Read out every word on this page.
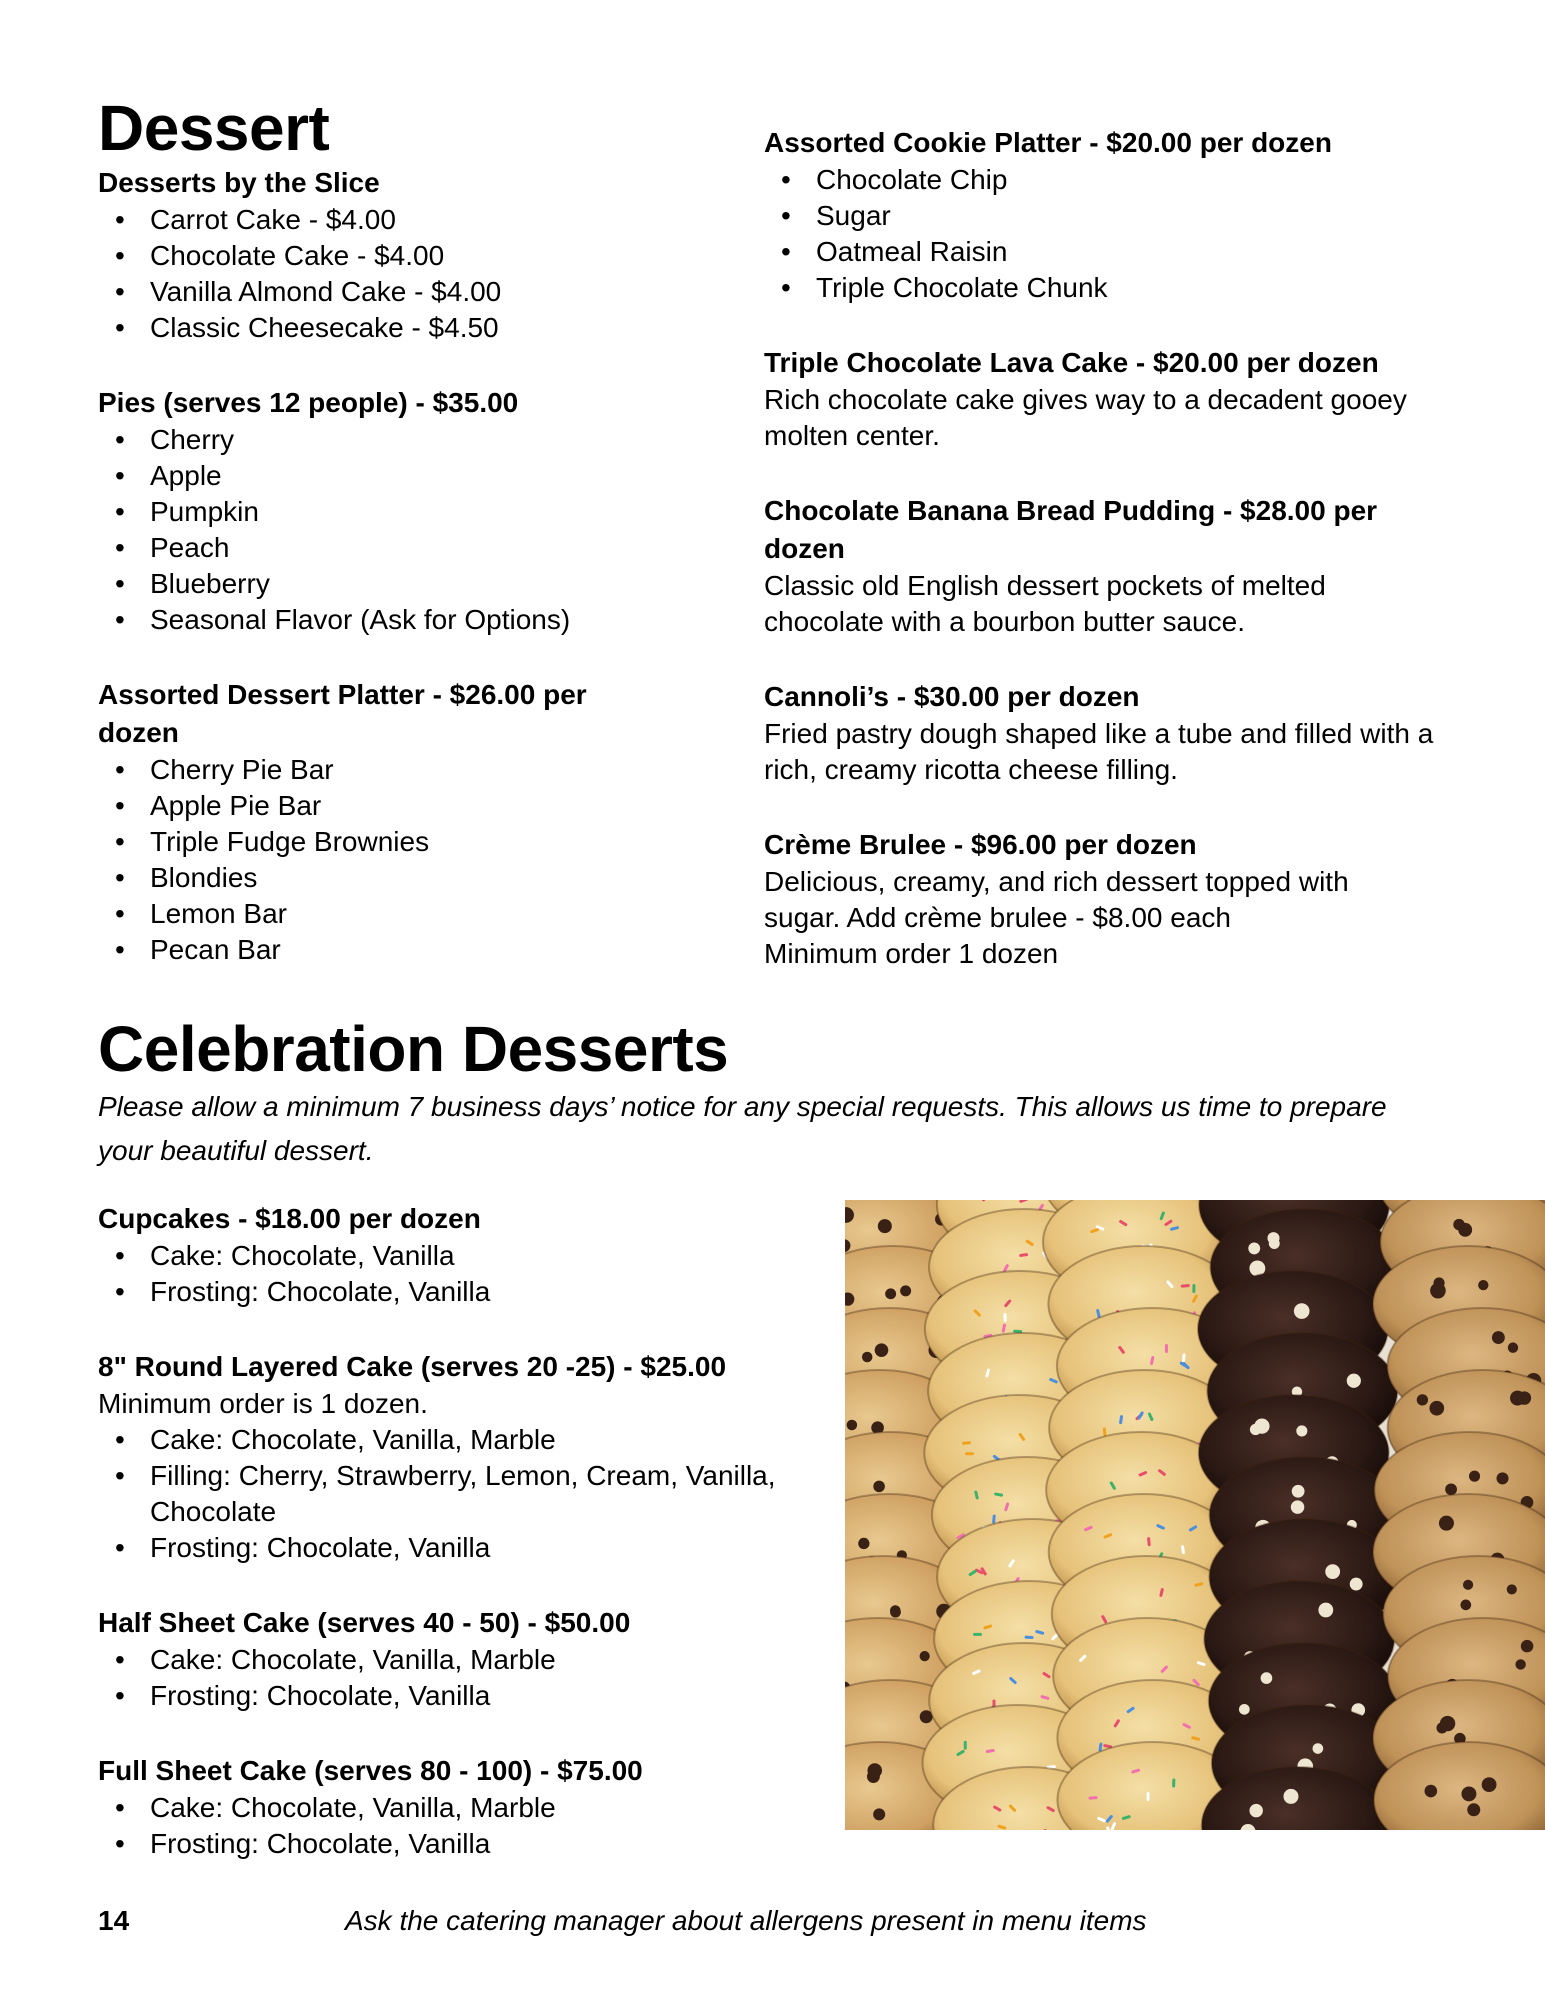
Dessert

Desserts by the Slice

• Carrot Cake - $4.00
• Chocolate Cake - $4.00
• Vanilla Almond Cake - $4.00
• Classic Cheesecake - $4.50

Pies (serves 12 people) - $35.00

• Cherry
• Apple
• Pumpkin
• Peach
• Blueberry
• Seasonal Flavor (Ask for Options)

Assorted Dessert Platter - $26.00 per dozen

• Cherry Pie Bar
• Apple Pie Bar
• Triple Fudge Brownies
• Blondies
• Lemon Bar
• Pecan Bar

Assorted Cookie Platter - $20.00 per dozen

• Chocolate Chip
• Sugar
• Oatmeal Raisin
• Triple Chocolate Chunk

Triple Chocolate Lava Cake - $20.00 per dozen

Rich chocolate cake gives way to a decadent gooey molten center.

Chocolate Banana Bread Pudding - $28.00 per dozen

Classic old English dessert pockets of melted chocolate with a bourbon butter sauce.

Cannoli’s - $30.00 per dozen

Fried pastry dough shaped like a tube and filled with a rich, creamy ricotta cheese filling.

Crème Brulee - $96.00 per dozen

Delicious, creamy, and rich dessert topped with sugar. Add crème brulee - $8.00 each

Minimum order 1 dozen

Celebration Desserts

Please allow a minimum 7 business days’ notice for any special requests. This allows us time to prepare your beautiful dessert.

Cupcakes - $18.00 per dozen

• Cake: Chocolate, Vanilla
• Frosting: Chocolate, Vanilla

8" Round Layered Cake (serves 20 -25) - $25.00

Minimum order is 1 dozen.

• Cake: Chocolate, Vanilla, Marble
• Filling: Cherry, Strawberry, Lemon, Cream, Vanilla, Chocolate
• Frosting: Chocolate, Vanilla

Half Sheet Cake (serves 40 - 50) - $50.00

• Cake: Chocolate, Vanilla, Marble
• Frosting: Chocolate, Vanilla

Full Sheet Cake (serves 80 - 100) - $75.00

• Cake: Chocolate, Vanilla, Marble
• Frosting: Chocolate, Vanilla
14	Ask the catering manager about allergens present in menu items
